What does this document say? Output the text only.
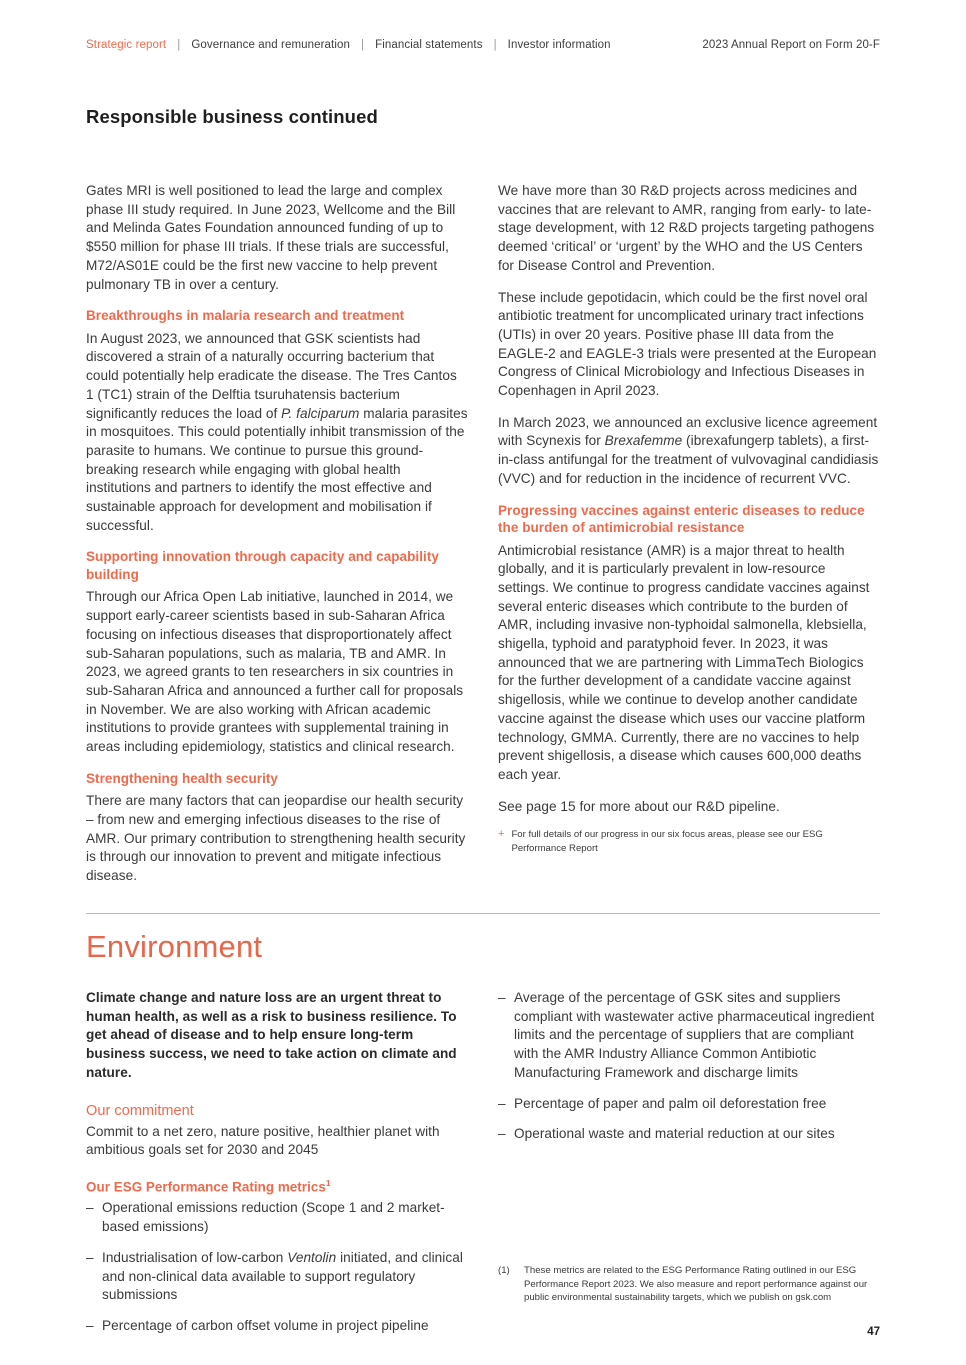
Strategic report | Governance and remuneration | Financial statements | Investor information	2023 Annual Report on Form 20-F
Responsible business continued

Gates MRI is well positioned to lead the large and complex phase III study required. In June 2023, Wellcome and the Bill and Melinda Gates Foundation announced funding of up to $550 million for phase III trials. If these trials are successful, M72/AS01E could be the first new vaccine to help prevent pulmonary TB in over a century.

Breakthroughs in malaria research and treatment

In August 2023, we announced that GSK scientists had discovered a strain of a naturally occurring bacterium that could potentially help eradicate the disease. The Tres Cantos 1 (TC1) strain of the Delftia tsuruhatensis bacterium significantly reduces the load of P. falciparum malaria parasites in mosquitoes. This could potentially inhibit transmission of the parasite to humans. We continue to pursue this ground-breaking research while engaging with global health institutions and partners to identify the most effective and sustainable approach for development and mobilisation if successful.

Supporting innovation through capacity and capability building

Through our Africa Open Lab initiative, launched in 2014, we support early-career scientists based in sub-Saharan Africa focusing on infectious diseases that disproportionately affect sub-Saharan populations, such as malaria, TB and AMR. In 2023, we agreed grants to ten researchers in six countries in sub-Saharan Africa and announced a further call for proposals in November. We are also working with African academic institutions to provide grantees with supplemental training in areas including epidemiology, statistics and clinical research.

Strengthening health security

There are many factors that can jeopardise our health security – from new and emerging infectious diseases to the rise of AMR. Our primary contribution to strengthening health security is through our innovation to prevent and mitigate infectious disease.

We have more than 30 R&D projects across medicines and vaccines that are relevant to AMR, ranging from early- to late-stage development, with 12 R&D projects targeting pathogens deemed ‘critical’ or ‘urgent’ by the WHO and the US Centers for Disease Control and Prevention.

These include gepotidacin, which could be the first novel oral antibiotic treatment for uncomplicated urinary tract infections (UTIs) in over 20 years. Positive phase III data from the EAGLE-2 and EAGLE-3 trials were presented at the European Congress of Clinical Microbiology and Infectious Diseases in Copenhagen in April 2023.

In March 2023, we announced an exclusive licence agreement with Scynexis for Brexafemme (ibrexafungerp tablets), a first-in-class antifungal for the treatment of vulvovaginal candidiasis (VVC) and for reduction in the incidence of recurrent VVC.

Progressing vaccines against enteric diseases to reduce the burden of antimicrobial resistance

Antimicrobial resistance (AMR) is a major threat to health globally, and it is particularly prevalent in low-resource settings. We continue to progress candidate vaccines against several enteric diseases which contribute to the burden of AMR, including invasive non-typhoidal salmonella, klebsiella, shigella, typhoid and paratyphoid fever. In 2023, it was announced that we are partnering with LimmaTech Biologics for the further development of a candidate vaccine against shigellosis, while we continue to develop another candidate vaccine against the disease which uses our vaccine platform technology, GMMA. Currently, there are no vaccines to help prevent shigellosis, a disease which causes 600,000 deaths each year.

See page 15 for more about our R&D pipeline.

+ For full details of our progress in our six focus areas, please see our ESG Performance Report
Environment

Climate change and nature loss are an urgent threat to human health, as well as a risk to business resilience. To get ahead of disease and to help ensure long-term business success, we need to take action on climate and nature.

Our commitment

Commit to a net zero, nature positive, healthier planet with ambitious goals set for 2030 and 2045

Our ESG Performance Rating metrics$^1$
– Operational emissions reduction (Scope 1 and 2 market-based emissions)
– Industrialisation of low-carbon Ventolin initiated, and clinical and non-clinical data available to support regulatory submissions
– Percentage of carbon offset volume in project pipeline
– Average of the percentage of GSK sites and suppliers compliant with wastewater active pharmaceutical ingredient limits and the percentage of suppliers that are compliant with the AMR Industry Alliance Common Antibiotic Manufacturing Framework and discharge limits
– Percentage of paper and palm oil deforestation free
– Operational waste and material reduction at our sites
(1)	These metrics are related to the ESG Performance Rating outlined in our ESG Performance Report 2023. We also measure and report performance against our public environmental sustainability targets, which we publish on gsk.com
47
